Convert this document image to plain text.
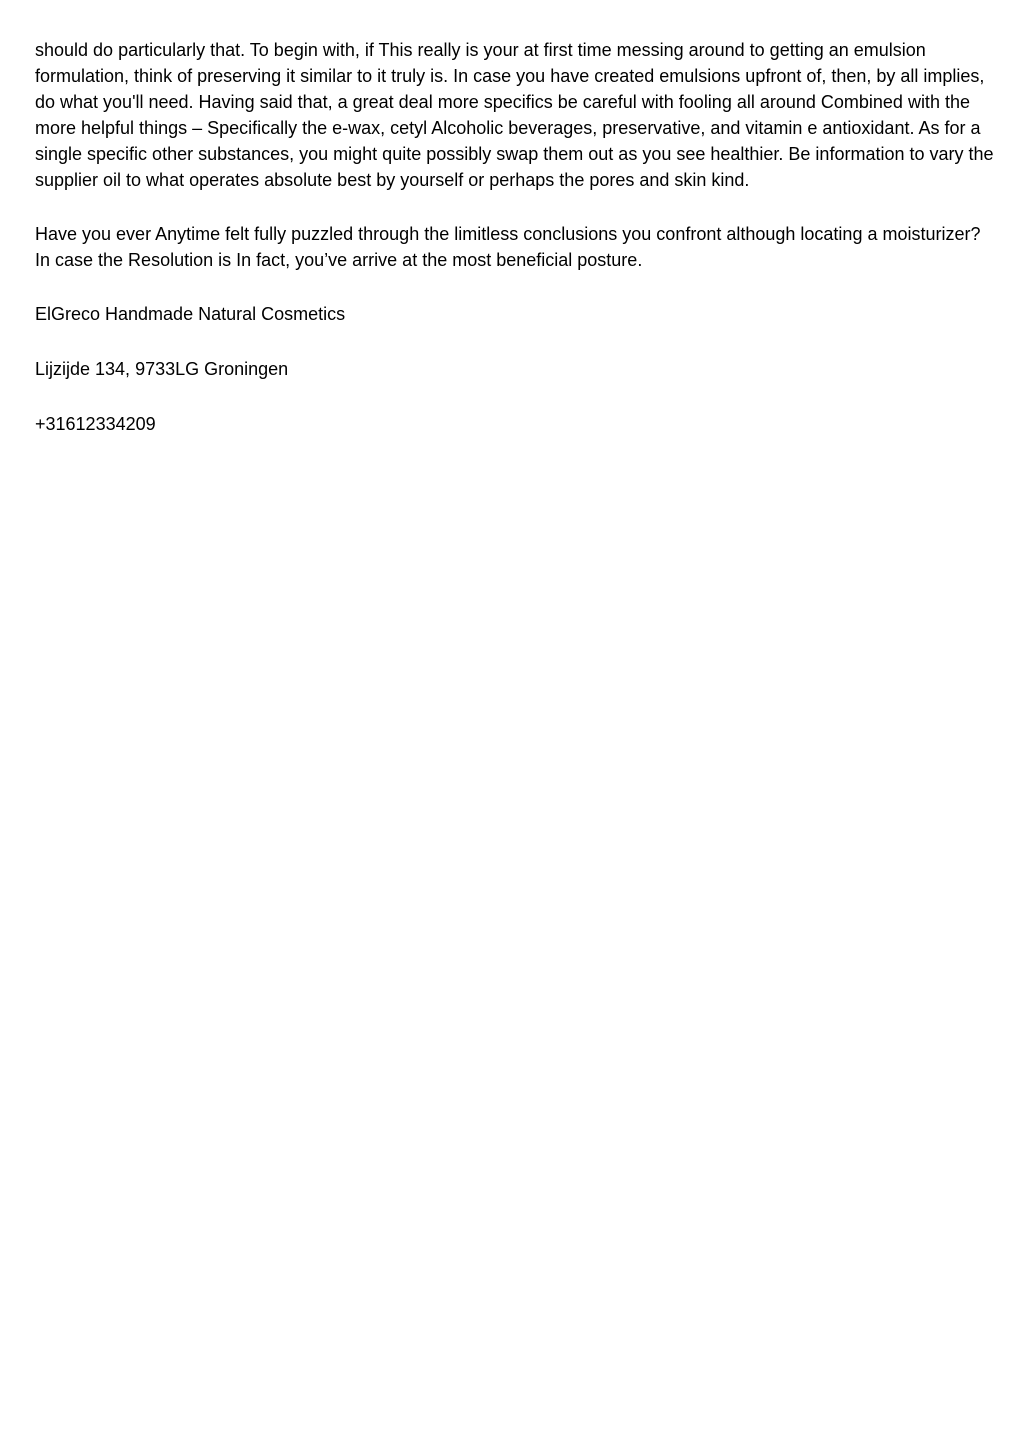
should do particularly that. To begin with, if This really is your at first time messing around to getting an emulsion formulation, think of preserving it similar to it truly is. In case you have created emulsions upfront of, then, by all implies, do what you'll need. Having said that, a great deal more specifics be careful with fooling all around Combined with the more helpful things – Specifically the e-wax, cetyl Alcoholic beverages, preservative, and vitamin e antioxidant. As for a single specific other substances, you might quite possibly swap them out as you see healthier. Be information to vary the supplier oil to what operates absolute best by yourself or perhaps the pores and skin kind.

Have you ever Anytime felt fully puzzled through the limitless conclusions you confront although locating a moisturizer? In case the Resolution is In fact, you’ve arrive at the most beneficial posture.

ElGreco Handmade Natural Cosmetics

Lijzijde 134, 9733LG Groningen

+31612334209
